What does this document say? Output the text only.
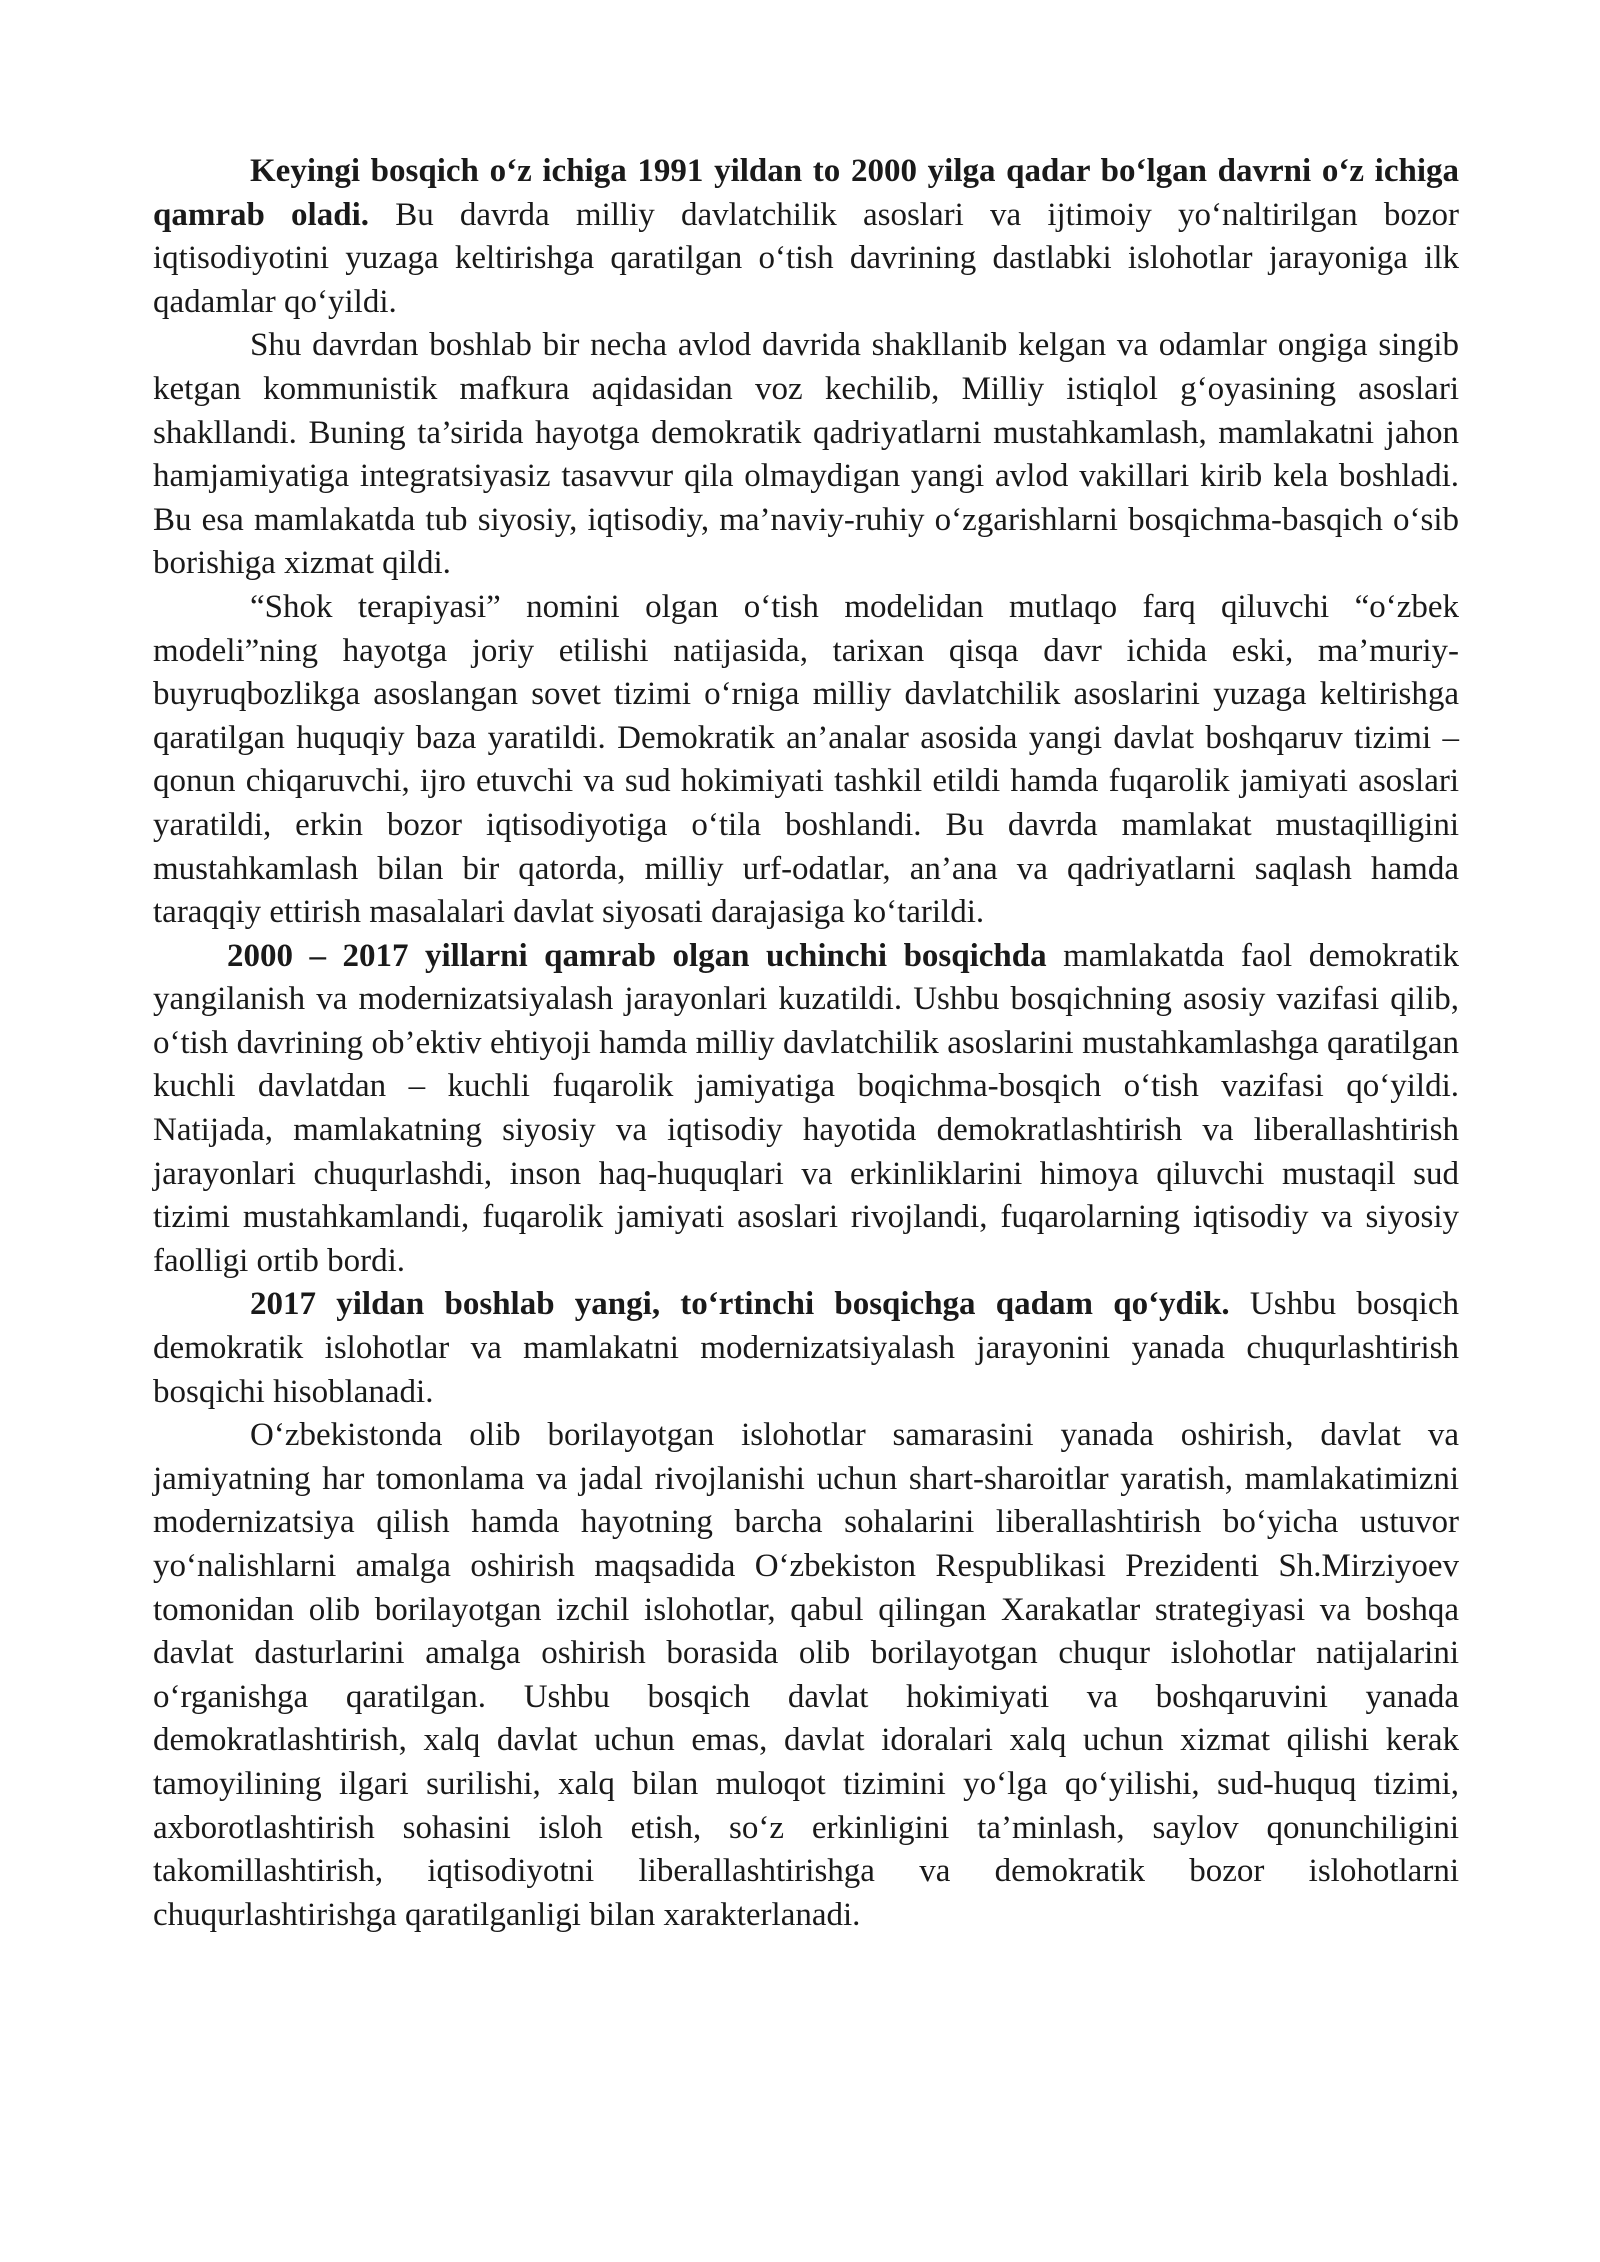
Keyingi bosqich o‘z ichiga 1991 yildan to 2000 yilga qadar bo‘lgan davrni o‘z ichiga qamrab oladi. Bu davrda milliy davlatchilik asoslari va ijtimoiy yo‘naltirilgan bozor iqtisodiyotini yuzaga keltirishga qaratilgan o‘tish davrining dastlabki islohotlar jarayoniga ilk qadamlar qo‘yildi.

Shu davrdan boshlab bir necha avlod davrida shakllanib kelgan va odamlar ongiga singib ketgan kommunistik mafkura aqidasidan voz kechilib, Milliy istiqlol g‘oyasining asoslari shakllandi. Buning ta’sirida hayotga demokratik qadriyatlarni mustahkamlash, mamlakatni jahon hamjamiyatiga integratsiyasiz tasavvur qila olmaydigan yangi avlod vakillari kirib kela boshladi. Bu esa mamlakatda tub siyosiy, iqtisodiy, ma’naviy-ruhiy o‘zgarishlarni bosqichma-basqich o‘sib borishiga xizmat qildi.

“Shok terapiyasi” nomini olgan o‘tish modelidan mutlaqo farq qiluvchi “o‘zbek modeli”ning hayotga joriy etilishi natijasida, tarixan qisqa davr ichida eski, ma’muriy-buyruqbozlikga asoslangan sovet tizimi o‘rniga milliy davlatchilik asoslarini yuzaga keltirishga qaratilgan huquqiy baza yaratildi. Demokratik an’analar asosida yangi davlat boshqaruv tizimi – qonun chiqaruvchi, ijro etuvchi va sud hokimiyati tashkil etildi hamda fuqarolik jamiyati asoslari yaratildi, erkin bozor iqtisodiyotiga o‘tila boshlandi. Bu davrda mamlakat mustaqilligini mustahkamlash bilan bir qatorda, milliy urf-odatlar, an’ana va qadriyatlarni saqlash hamda taraqqiy ettirish masalalari davlat siyosati darajasiga ko‘tarildi.

2000 – 2017 yillarni qamrab olgan uchinchi bosqichda mamlakatda faol demokratik yangilanish va modernizatsiyalash jarayonlari kuzatildi. Ushbu bosqichning asosiy vazifasi qilib, o‘tish davrining ob’ektiv ehtiyoji hamda milliy davlatchilik asoslarini mustahkamlashga qaratilgan kuchli davlatdan – kuchli fuqarolik jamiyatiga boqichma-bosqich o‘tish vazifasi qo‘yildi. Natijada, mamlakatning siyosiy va iqtisodiy hayotida demokratlashtirish va liberallashtirish jarayonlari chuqurlashdi, inson haq-huquqlari va erkinliklarini himoya qiluvchi mustaqil sud tizimi mustahkamlandi, fuqarolik jamiyati asoslari rivojlandi, fuqarolarning iqtisodiy va siyosiy faolligi ortib bordi.

2017 yildan boshlab yangi, to‘rtinchi bosqichga qadam qo‘ydik. Ushbu bosqich demokratik islohotlar va mamlakatni modernizatsiyalash jarayonini yanada chuqurlashtirish bosqichi hisoblanadi.

O‘zbekistonda olib borilayotgan islohotlar samarasini yanada oshirish, davlat va jamiyatning har tomonlama va jadal rivojlanishi uchun shart-sharoitlar yaratish, mamlakatimizni modernizatsiya qilish hamda hayotning barcha sohalarini liberallashtirish bo‘yicha ustuvor yo‘nalishlarni amalga oshirish maqsadida O‘zbekiston Respublikasi Prezidenti Sh.Mirziyoev tomonidan olib borilayotgan izchil islohotlar, qabul qilingan Xarakatlar strategiyasi va boshqa davlat dasturlarini amalga oshirish borasida olib borilayotgan chuqur islohotlar natijalarini o‘rganishga qaratilgan. Ushbu bosqich davlat hokimiyati va boshqaruvini yanada demokratlashtirish, xalq davlat uchun emas, davlat idoralari xalq uchun xizmat qilishi kerak tamoyilining ilgari surilishi, xalq bilan muloqot tizimini yo‘lga qo‘yilishi, sud-huquq tizimi, axborotlashtirish sohasini isloh etish, so‘z erkinligini ta’minlash, saylov qonunchiligini takomillashtirish, iqtisodiyotni liberallashtirishga va demokratik bozor islohotlarni chuqurlashtirishga qaratilganligi bilan xarakterlanadi.
